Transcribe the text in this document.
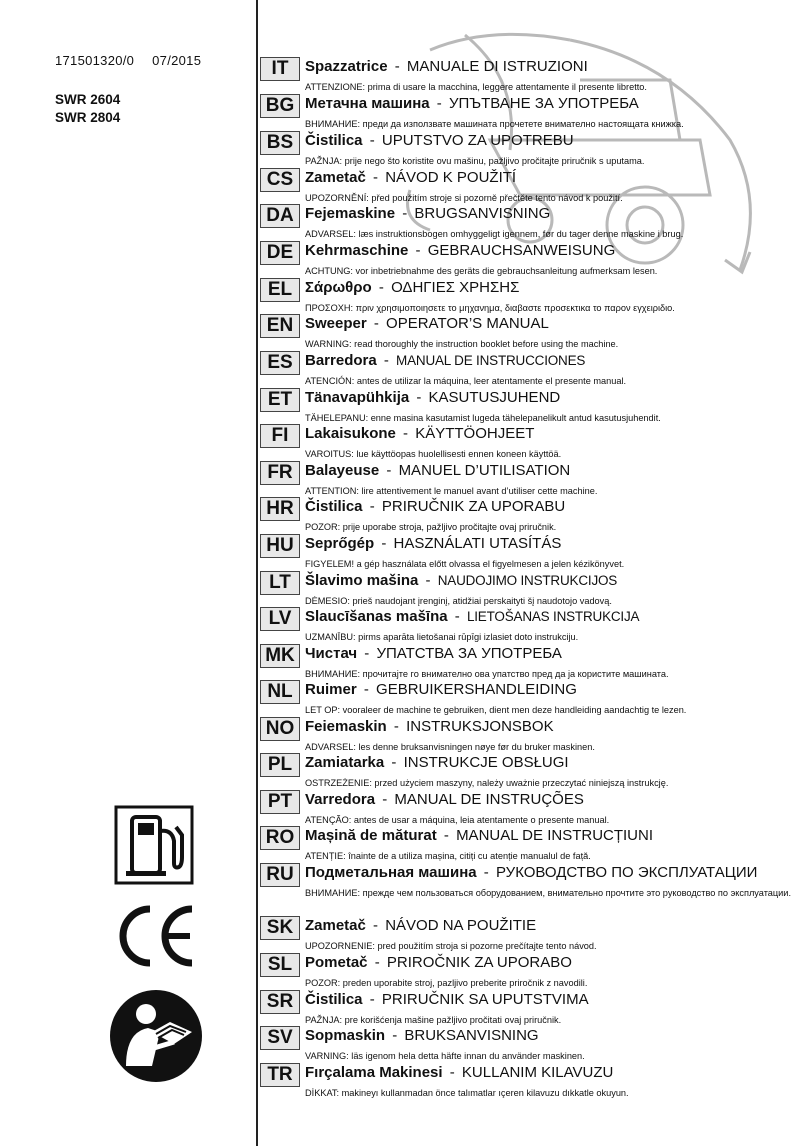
171501320/0 07/2015
SWR 2604
SWR 2804
IT	Spazzatrice - MANUALE DI ISTRUZIONI
ATTENZIONE: prima di usare la macchina, leggere attentamente il presente libretto.
BG Метачна машина - УПЪТВАНЕ ЗА УПОТРЕБА
ВНИМАНИЕ: преди да използвате машината прочетете внимателно настоящата книжка.
BS Čistilica - UPUTSTVO ZA UPOTREBU
PAŽNJA: prije nego što koristite ovu mašinu, pažljivo pročitajte priručnik s uputama.
CS Zametač - NÁVOD K POUŽITÍ
UPOZORNĚNÍ: před použitím stroje si pozorně přečtěte tento návod k použití.
DA Fejemaskine - BRUGSANVISNING
ADVARSEL: læs instruktionsbogen omhyggeligt igennem, før du tager denne maskine i brug.
DE Kehrmaschine - GEBRAUCHSANWEISUNG
ACHTUNG: vor inbetriebnahme des geräts die gebrauchsanleitung aufmerksam lesen.
EL Σάρωθρο - ΟΔΗΓΙΕΣ ΧΡΗΣΗΣ
ΠΡΟΣΟΧΗ: πριν χρησιμοποιησετε το μηχανημα, διαβαστε προσεκτικα το παρον εγχειριδιο.
EN Sweeper - OPERATOR’S MANUAL
WARNING: read thoroughly the instruction booklet before using the machine.
ES Barredora - MANUAL DE INSTRUCCIONES
ATENCIÓN: antes de utilizar la máquina, leer atentamente el presente manual.
ET Tänavapühkija - KASUTUSJUHEND
TÄHELEPANU: enne masina kasutamist lugeda tähelepanelikult antud kasutusjuhendit.
FI	Lakaisukone - KÄYTTÖOHJEET
VAROITUS: lue käyttöopas huolellisesti ennen koneen käyttöä.
FR Balayeuse - MANUEL D’UTILISATION
ATTENTION: lire attentivement le manuel avant d’utiliser cette machine.
HR Čistilica - PRIRUČNIK ZA UPORABU
POZOR: prije uporabe stroja, pažljivo pročitajte ovaj priručnik.
HU Seprőgép - HASZNÁLATI UTASÍTÁS
FIGYELEM! a gép használata előtt olvassa el figyelmesen a jelen kézikönyvet.
LT Šlavimo mašina - NAUDOJIMO INSTRUKCIJOS
DĖMESIO: prieš naudojant įrenginį, atidžiai perskaityti šį naudotojo vadovą.
LV Slaucīšanas mašīna - LIETOŠANAS INSTRUKCIJA
UZMANĪBU: pirms aparāta lietošanai rūpīgi izlasiet doto instrukciju.
MK Чистач - УПАТСТВА ЗА УПОТРЕБА
ВНИМАНИЕ: прочитајте го внимателно ова упатство пред да ја користите машината.
NL Ruimer - GEBRUIKERSHANDLEIDING
LET OP: vooraleer de machine te gebruiken, dient men deze handleiding aandachtig te lezen.
NO Feiemaskin - INSTRUKSJONSBOK
ADVARSEL: les denne bruksanvisningen nøye før du bruker maskinen.
PL Zamiatarka - INSTRUKCJE OBSŁUGI
OSTRZEŻENIE: przed użyciem maszyny, należy uważnie przeczytać niniejszą instrukcję.
PT Varredora - MANUAL DE INSTRUÇÕES
ATENÇÃO: antes de usar a máquina, leia atentamente o presente manual.
RO Mașină de măturat - MANUAL DE INSTRUCȚIUNI
ATENȚIE: înainte de a utiliza mașina, citiți cu atenție manualul de față.
RU Подметальная машина - РУКОВОДСТВО ПО ЭКСПЛУАТАЦИИ
ВНИМАНИЕ: прежде чем пользоваться оборудованием, внимательно прочтите это руководство по эксплуатации.
SK Zametač - NÁVOD NA POUŽITIE
UPOZORNENIE: pred použitím stroja si pozorne prečítajte tento návod.
SL Pometač - PRIROČNIK ZA UPORABO
POZOR: preden uporabite stroj, pazljivo preberite priročnik z navodili.
SR Čistilica - PRIRUČNIK SA UPUTSTVIMA
PAŽNJA: pre korišćenja mašine pažljivo pročitati ovaj priručnik.
SV Sopmaskin - BRUKSANVISNING
VARNING: läs igenom hela detta häfte innan du använder maskinen.
TR Fırçalama Makinesi - KULLANIM KILAVUZU
DİKKAT: makineyı kullanmadan önce talımatlar ıçeren kilavuzu dıkkatle okuyun.
